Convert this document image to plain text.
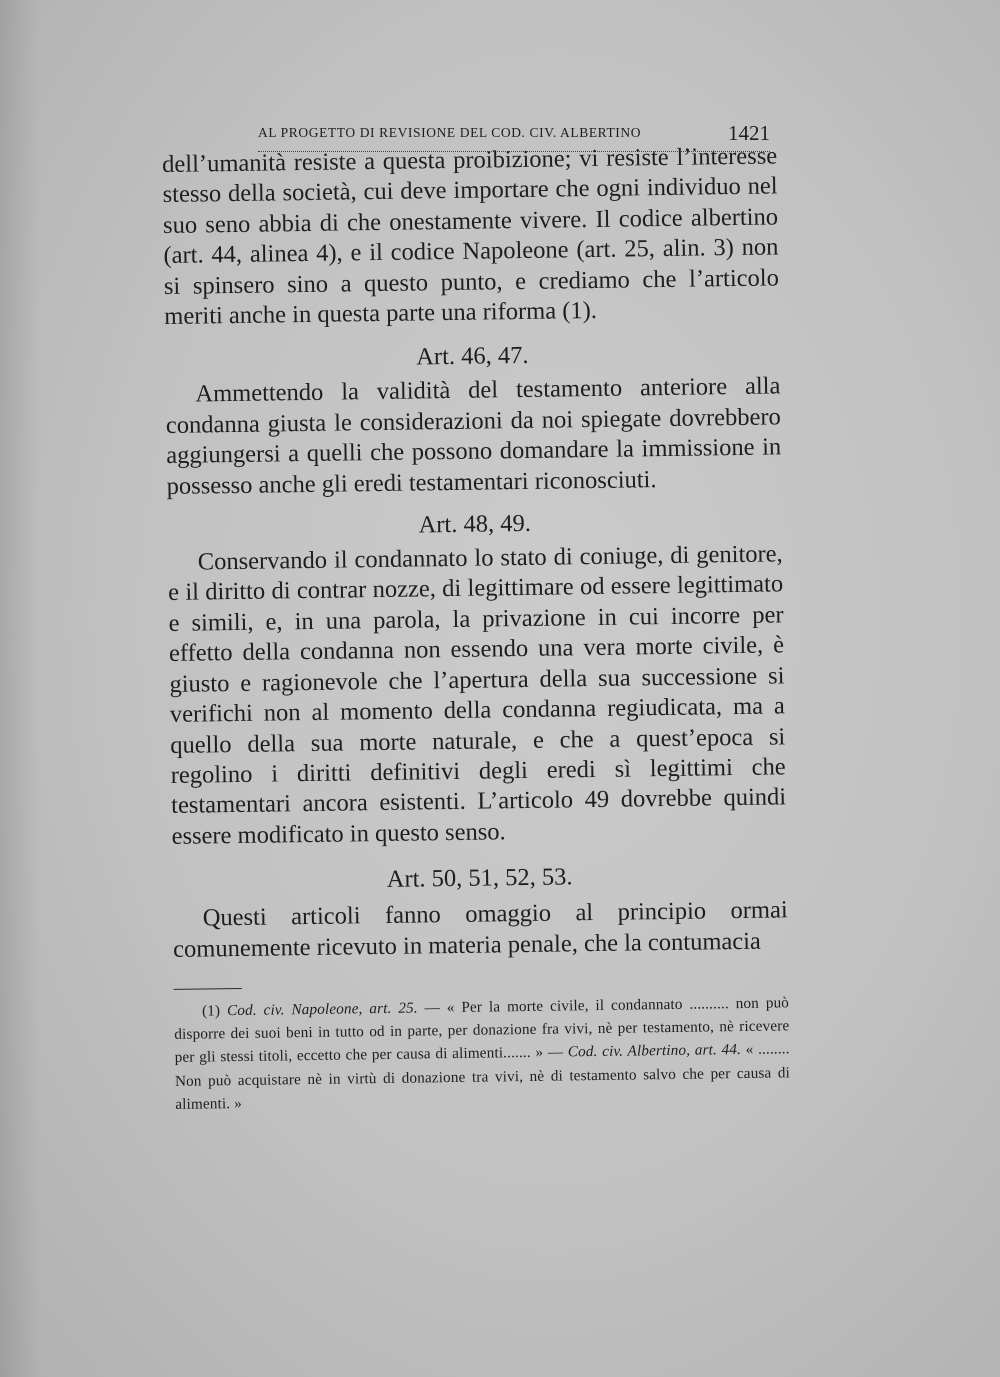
AL PROGETTO DI REVISIONE DEL COD. CIV. ALBERTINO	1421

dell’umanità resiste a questa proibizione; vi resiste l’interesse stesso della società, cui deve importare che ogni individuo nel suo seno abbia di che onestamente vivere. Il codice albertino (art. 44, alinea 4), e il codice Napoleone (art. 25, alin. 3) non si spinsero sino a questo punto, e crediamo che l’articolo meriti anche in questa parte una riforma (1).

Art. 46, 47.

Ammettendo la validità del testamento anteriore alla condanna giusta le considerazioni da noi spiegate dovrebbero aggiungersi a quelli che possono domandare la immissione in possesso anche gli eredi testamentari riconosciuti.

Art. 48, 49.

Conservando il condannato lo stato di coniuge, di genitore, e il diritto di contrar nozze, di legittimare od essere legittimato e simili, e, in una parola, la privazione in cui incorre per effetto della condanna non essendo una vera morte civile, è giusto e ragionevole che l’apertura della sua successione si verifichi non al momento della condanna regiudicata, ma a quello della sua morte naturale, e che a quest’epoca si regolino i diritti definitivi degli eredi sì legittimi che testamentari ancora esistenti. L’articolo 49 dovrebbe quindi essere modificato in questo senso.

Art. 50, 51, 52, 53.

Questi articoli fanno omaggio al principio ormai comunemente ricevuto in materia penale, che la contumacia

(1) Cod. civ. Napoleone, art. 25. — « Per la morte civile, il condannato .......... non può disporre dei suoi beni in tutto od in parte, per donazione fra vivi, nè per testamento, nè ricevere per gli stessi titoli, eccetto che per causa di alimenti....... » — Cod. civ. Albertino, art. 44. « ........ Non può acquistare nè in virtù di donazione tra vivi, nè di testamento salvo che per causa di alimenti. »
